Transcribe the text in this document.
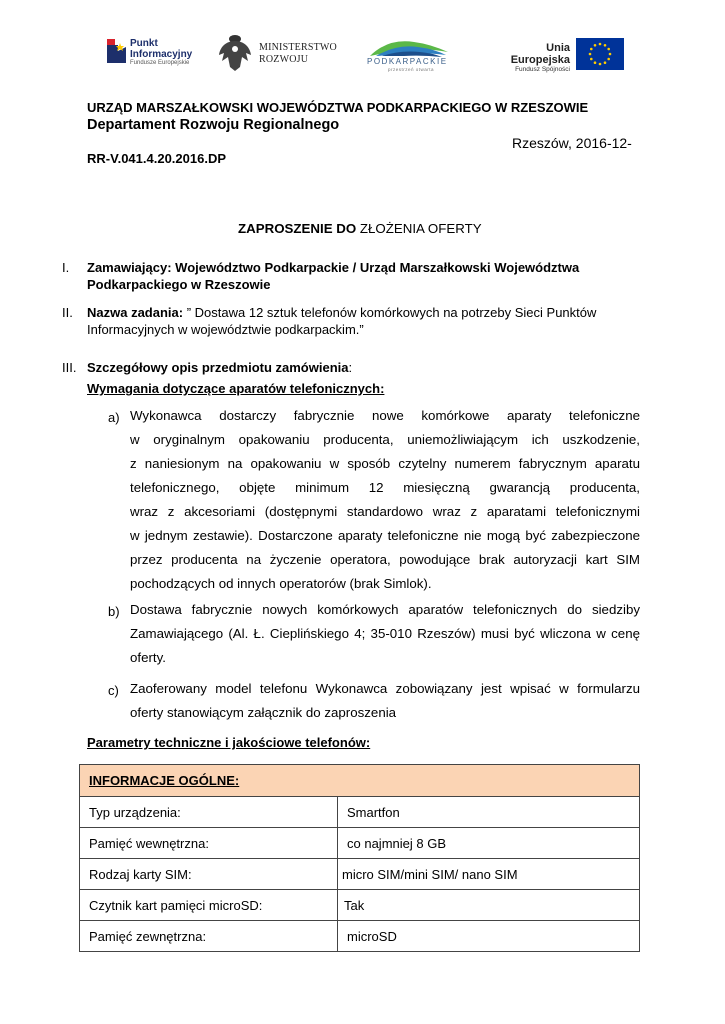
Punkt
Informacyjny
Fundusze Europejskie
MINISTERSTWO
ROZWOJU	PODKARPACKIE
przestrzeń otwarta
Unia Europejska
Fundusz Spójności
URZĄD MARSZAŁKOWSKI WOJEWÓDZTWA PODKARPACKIEGO W RZESZOWIE
Departament Rozwoju Regionalnego
Rzeszów, 2016-12-
RR-V.041.4.20.2016.DP
ZAPROSZENIE DO ZŁOŻENIA OFERTY
I. Zamawiający: Województwo Podkarpackie / Urząd Marszałkowski Województwa
Podkarpackiego w Rzeszowie
II. Nazwa zadania: ” Dostawa 12 sztuk telefonów komórkowych na potrzeby Sieci Punktów
Informacyjnych w województwie podkarpackim.”
III. Szczegółowy opis przedmiotu zamówienia:
Wymagania dotyczące aparatów telefonicznych:
a) Wykonawca dostarczy fabrycznie nowe komórkowe aparaty telefoniczne
w oryginalnym opakowaniu producenta, uniemożliwiającym ich uszkodzenie,
z naniesionym na opakowaniu w sposób czytelny numerem fabrycznym aparatu
telefonicznego, objęte minimum 12 miesięczną gwarancją producenta,
wraz z akcesoriami (dostępnymi standardowo wraz z aparatami telefonicznymi
w jednym zestawie). Dostarczone aparaty telefoniczne nie mogą być zabezpieczone
przez producenta na życzenie operatora, powodujące brak autoryzacji kart SIM
pochodzących od innych operatorów (brak Simlok).
b) Dostawa fabrycznie nowych komórkowych aparatów telefonicznych do siedziby
Zamawiającego (Al. Ł. Cieplińskiego 4; 35-010 Rzeszów) musi być wliczona w cenę
oferty.
c) Zaoferowany model telefonu Wykonawca zobowiązany jest wpisać w formularzu
oferty stanowiącym załącznik do zaproszenia
Parametry techniczne i jakościowe telefonów:
INFORMACJE OGÓLNE:	
Typ urządzenia:	Smartfon
Pamięć wewnętrzna:	co najmniej 8 GB
Rodzaj karty SIM:	micro SIM/mini SIM/ nano SIM
Czytnik kart pamięci microSD:	Tak
Pamięć zewnętrzna:	microSD
